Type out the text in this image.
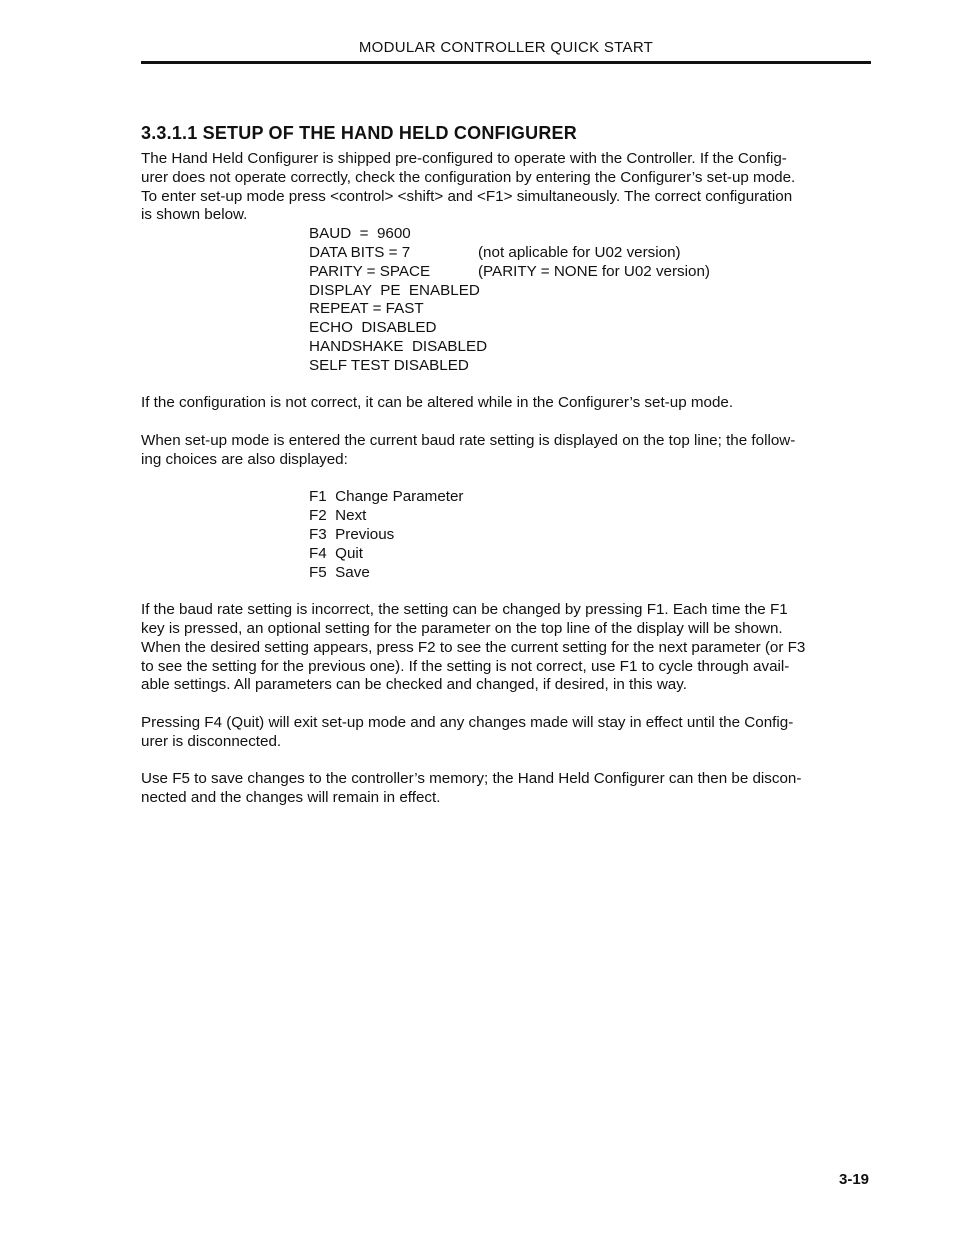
MODULAR CONTROLLER QUICK START
3.3.1.1 SETUP OF THE HAND HELD CONFIGURER
The Hand Held Configurer is shipped pre-configured to operate with the Controller. If the Config-
urer does not operate correctly, check the configuration by entering the Configurer’s set-up mode.
To enter set-up mode press <control> <shift> and <F1> simultaneously. The correct configuration
is shown below.
BAUD  =  9600
DATA BITS = 7	(not aplicable for U02 version)
PARITY = SPACE	(PARITY = NONE for U02 version)
DISPLAY  PE  ENABLED
REPEAT = FAST
ECHO  DISABLED
HANDSHAKE  DISABLED
SELF TEST DISABLED
If the configuration is not correct, it can be altered while in the Configurer’s set-up mode.
When set-up mode is entered the current baud rate setting is displayed on the top line; the follow-
ing choices are also displayed:
F1  Change Parameter
F2  Next
F3  Previous
F4  Quit
F5  Save
If the baud rate setting is incorrect, the setting can be changed by pressing F1. Each time the F1
key is pressed, an optional setting for the parameter on the top line of the display will be shown.
When the desired setting appears, press F2 to see the current setting for the next parameter (or F3
to see the setting for the previous one). If the setting is not correct, use F1 to cycle through avail-
able settings. All parameters can be checked and changed, if desired, in this way.
Pressing F4 (Quit) will exit set-up mode and any changes made will stay in effect until the Config-
urer is disconnected.
Use F5 to save changes to the controller’s memory; the Hand Held Configurer can then be discon-
nected and the changes will remain in effect.
3-19
